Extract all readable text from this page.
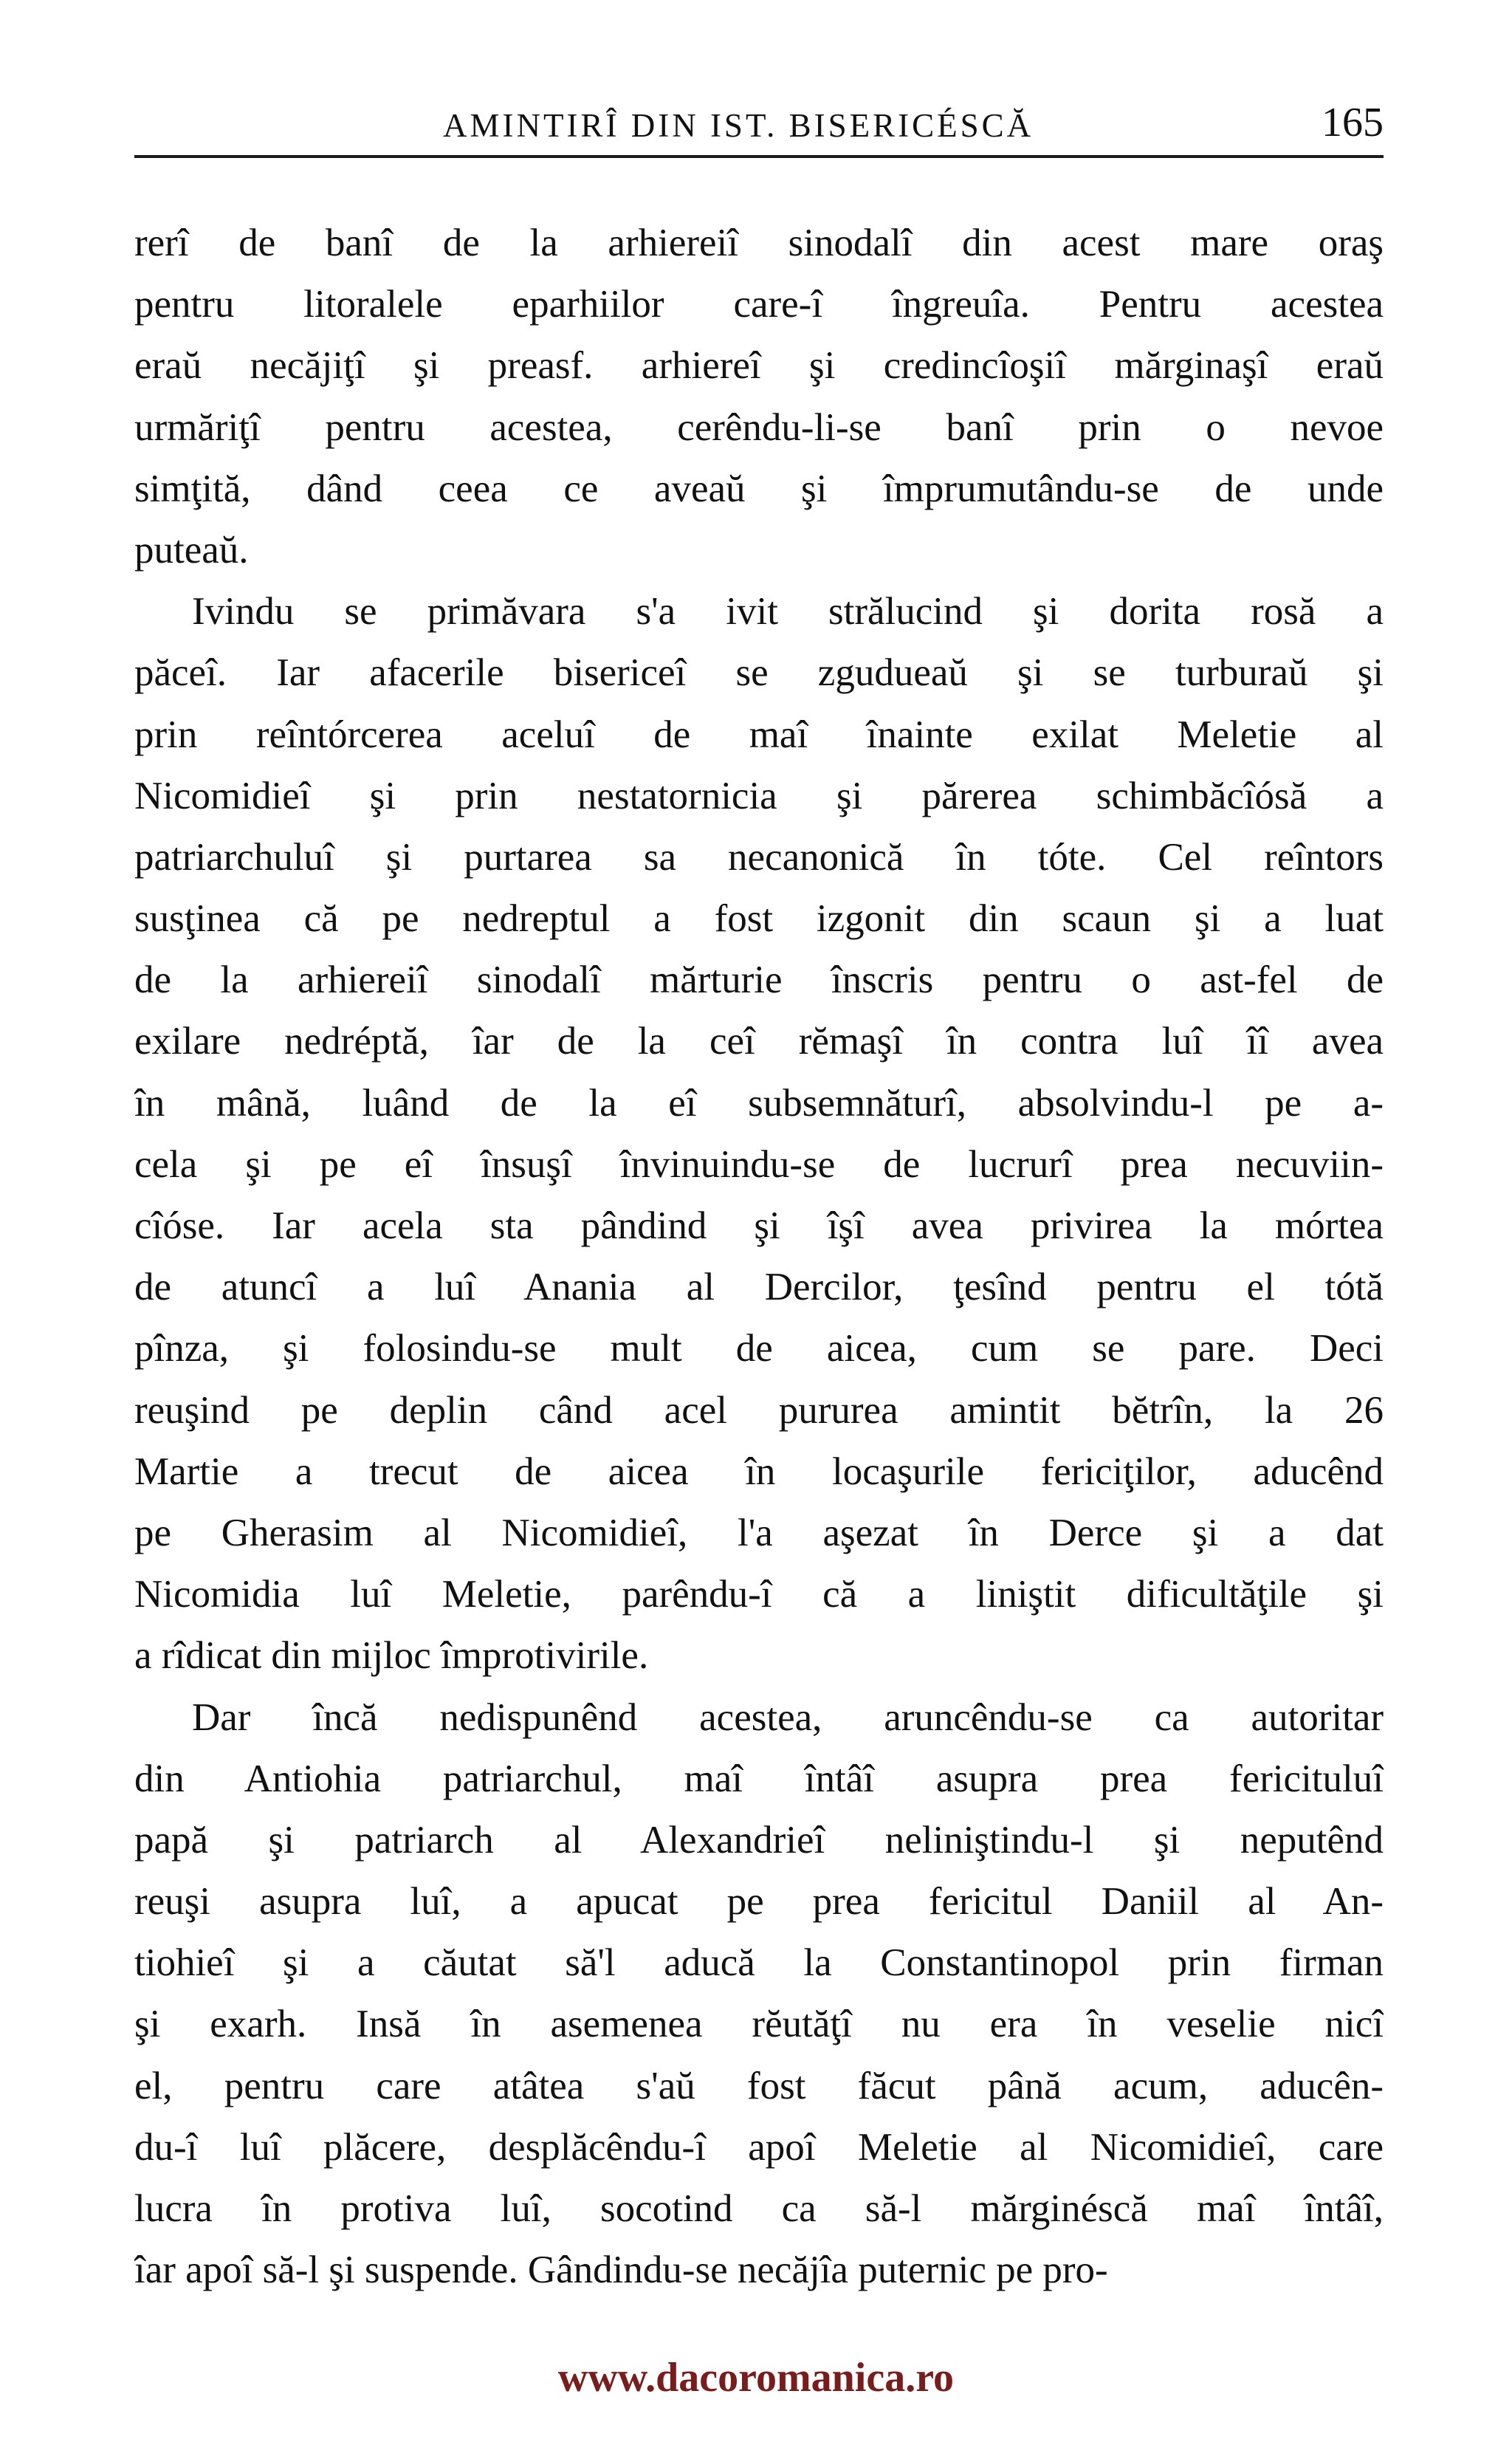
AMINTIRÎ DIN IST. BISERICÉSCĂ	165
rerî de banî de la arhiereiî sinodalî din acest mare oraş
pentru litoralele eparhiilor care-î îngreuîa. Pentru acestea
eraŭ necăjiţî şi preasf. arhiereî şi credincîoşiî mărginaşî eraŭ
urmăriţî pentru acestea, cerêndu-li-se banî prin o nevoe
simţită, dând ceea ce aveaŭ şi împrumutându-se de unde
puteaŭ.
Ivindu se primăvara s'a ivit strălucind şi dorita rosă a
păceî. Iar afacerile bisericeî se zgudueaŭ şi se turburaŭ şi
prin reîntórcerea aceluî de maî înainte exilat Meletie al
Nicomidieî şi prin nestatornicia şi părerea schimbăcîósă a
patriarchuluî şi purtarea sa necanonică în tóte. Cel reîntors
susţinea că pe nedreptul a fost izgonit din scaun şi a luat
de la arhiereiî sinodalî mărturie înscris pentru o ast-fel de
exilare nedréptă, îar de la ceî rĕmaşî în contra luî îî avea
în mână, luând de la eî subsemnăturî, absolvindu-l pe a-
cela şi pe eî însuşî învinuindu-se de lucrurî prea necuviin-
cîóse. Iar acela sta pândind şi îşî avea privirea la mórtea
de atuncî a luî Anania al Dercilor, ţesînd pentru el tótă
pînza, şi folosindu-se mult de aicea, cum se pare. Deci
reuşind pe deplin când acel pururea amintit bĕtrîn, la 26
Martie a trecut de aicea în locaşurile fericiţilor, aducênd
pe Gherasim al Nicomidieî, l'a aşezat în Derce şi a dat
Nicomidia luî Meletie, parêndu-î că a liniştit dificultăţile şi
a rîdicat din mijloc împrotivirile.
Dar încă nedispunênd acestea, aruncêndu-se ca autoritar
din Antiohia patriarchul, maî întâî asupra prea fericituluî
papă şi patriarch al Alexandrieî neliniştindu-l şi neputênd
reuşi asupra luî, a apucat pe prea fericitul Daniil al An-
tiohieî şi a căutat să'l aducă la Constantinopol prin firman
şi exarh. Insă în asemenea rĕutăţî nu era în veselie nicî
el, pentru care atâtea s'aŭ fost făcut până acum, aducên-
du-î luî plăcere, desplăcêndu-î apoî Meletie al Nicomidieî, care
lucra în protiva luî, socotind ca să-l mărginéscă maî întâî,
îar apoî să-l şi suspende. Gândindu-se necăjîa puternic pe pro-
www.dacoromanica.ro
